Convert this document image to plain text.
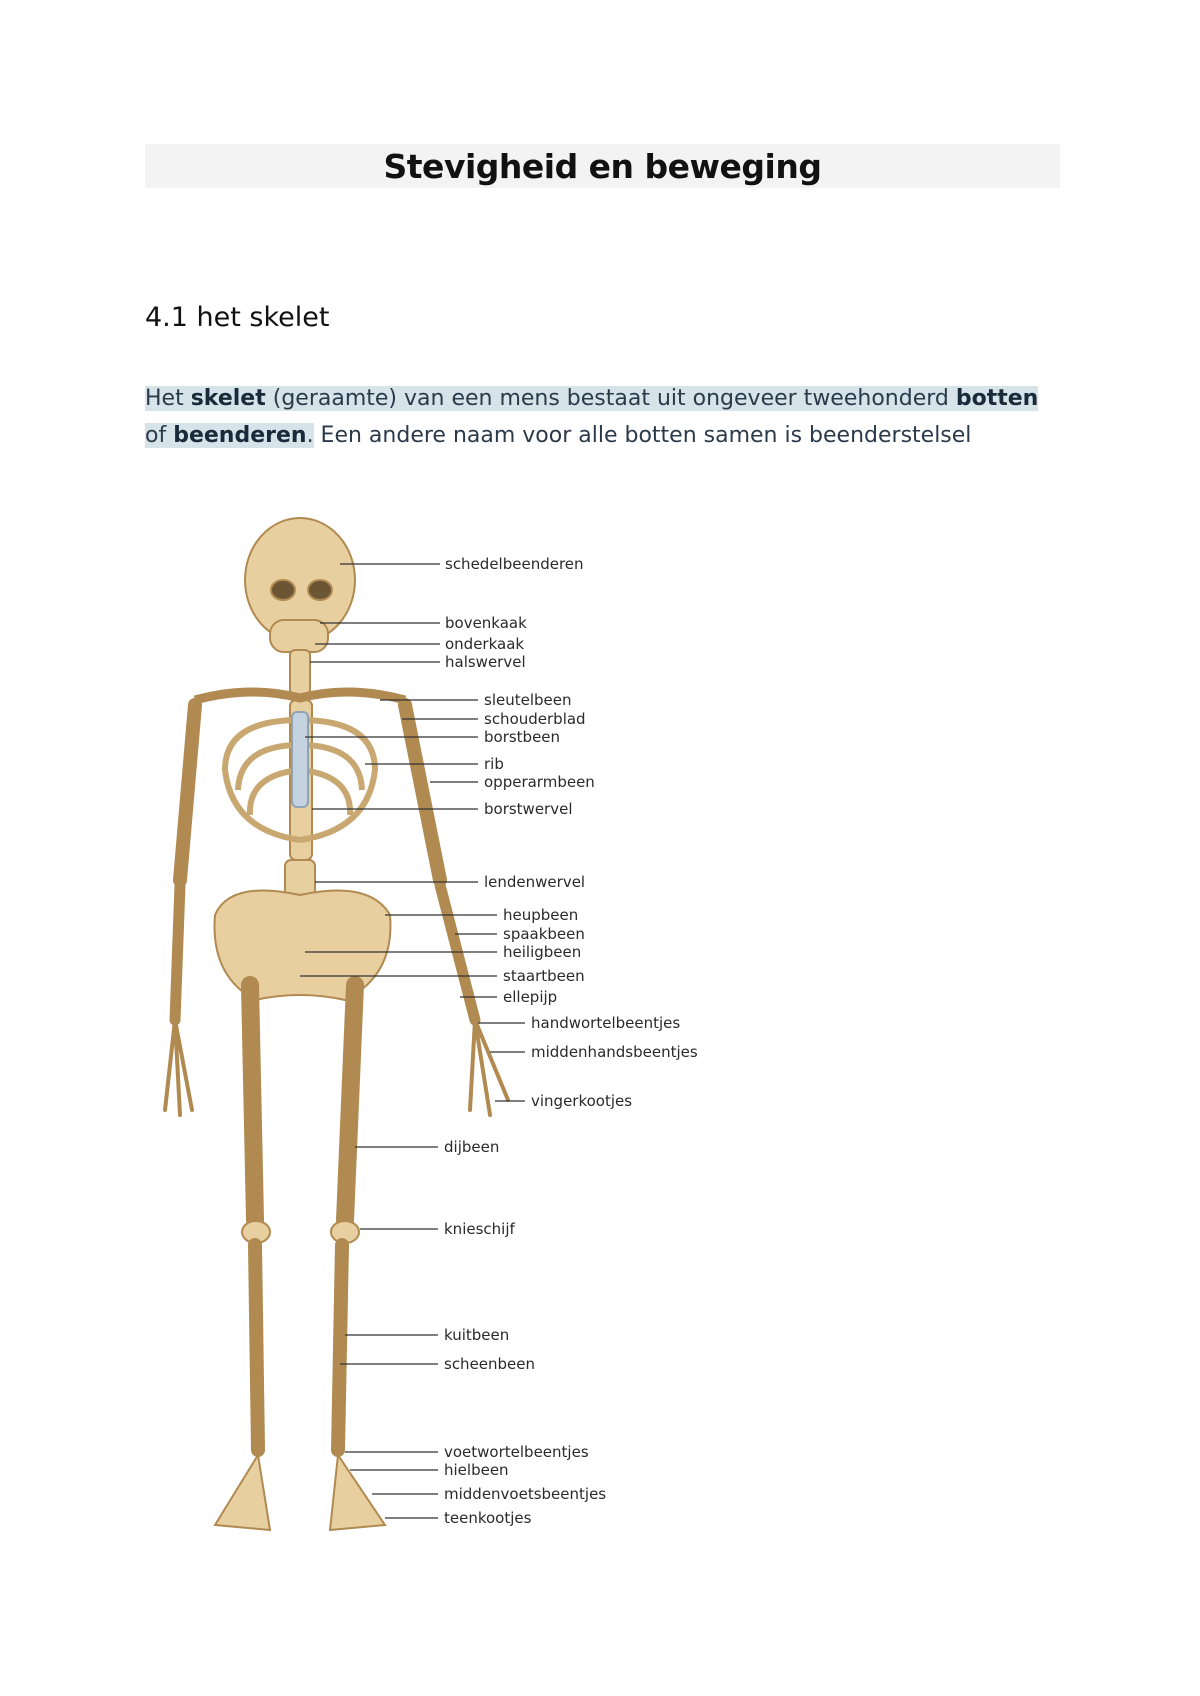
Stevigheid en beweging
4.1 het skelet

Het skelet (geraamte) van een mens bestaat uit ongeveer tweehonderd botten of beenderen. Een andere naam voor alle botten samen is beenderstelsel

schedelbeenderen
bovenkaak
onderkaak
halswervel
sleutelbeen
schouderblad
borstbeen
rib
opperarmbeen
borstwervel
lendenwervel
heupbeen
spaakbeen
heiligbeen
staartbeen
ellepijp
handwortelbeentjes
middenhandsbeentjes
vingerkootjes
dijbeen
knieschijf
kuitbeen
scheenbeen
voetwortelbeentjes
hielbeen
middenvoetsbeentjes
teenkootjes
